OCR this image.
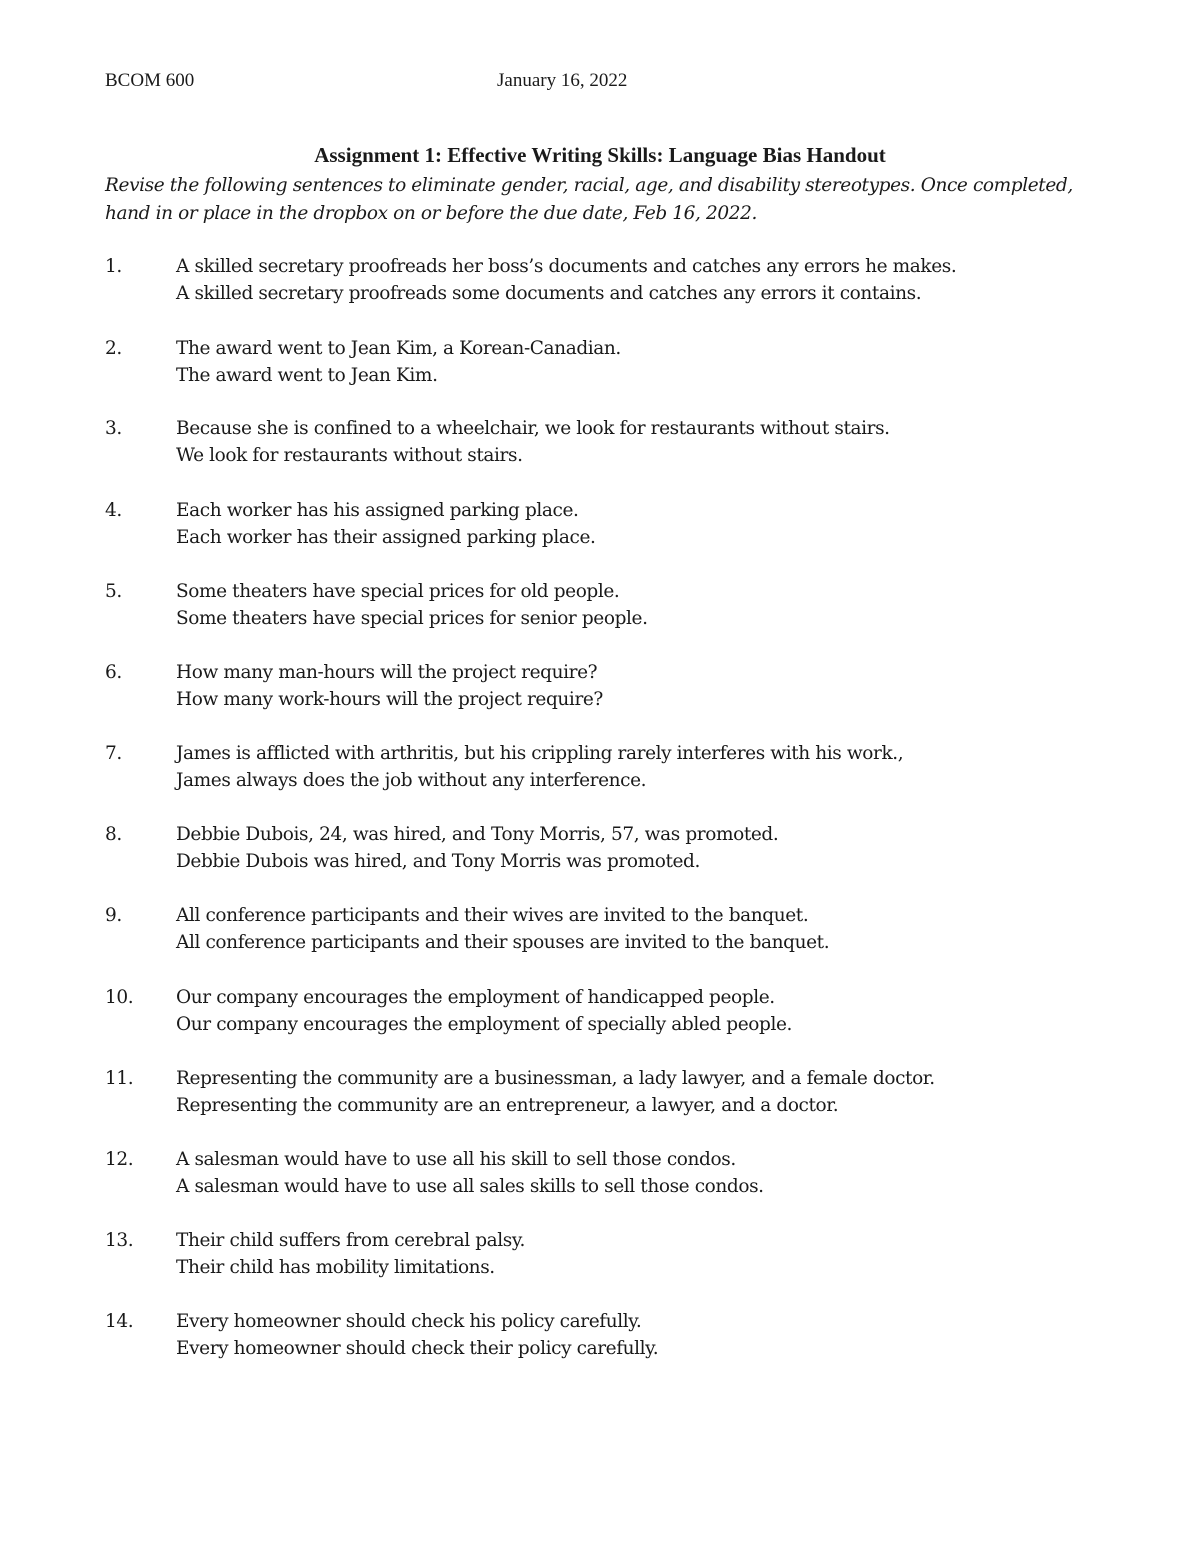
BCOM 600	January 16, 2022
Assignment 1: Effective Writing Skills: Language Bias Handout
Revise the following sentences to eliminate gender, racial, age, and disability stereotypes. Once completed, hand in or place in the dropbox on or before the due date, Feb 16, 2022.
1.	A skilled secretary proofreads her boss’s documents and catches any errors he makes.
A skilled secretary proofreads some documents and catches any errors it contains.
2.	The award went to Jean Kim, a Korean-Canadian.
The award went to Jean Kim.
3.	Because she is confined to a wheelchair, we look for restaurants without stairs.
We look for restaurants without stairs.
4.	Each worker has his assigned parking place.
Each worker has their assigned parking place.
5.	Some theaters have special prices for old people.
Some theaters have special prices for senior people.
6.	How many man-hours will the project require?
How many work-hours will the project require?
7.	James is afflicted with arthritis, but his crippling rarely interferes with his work.,
James always does the job without any interference.
8.	Debbie Dubois, 24, was hired, and Tony Morris, 57, was promoted.
Debbie Dubois was hired, and Tony Morris was promoted.
9.	All conference participants and their wives are invited to the banquet.
All conference participants and their spouses are invited to the banquet.
10. Our company encourages the employment of handicapped people.
Our company encourages the employment of specially abled people.
11. Representing the community are a businessman, a lady lawyer, and a female doctor.
Representing the community are an entrepreneur, a lawyer, and a doctor.
12. A salesman would have to use all his skill to sell those condos.
A salesman would have to use all sales skills to sell those condos.
13. Their child suffers from cerebral palsy.
Their child has mobility limitations.
14. Every homeowner should check his policy carefully.
Every homeowner should check their policy carefully.
